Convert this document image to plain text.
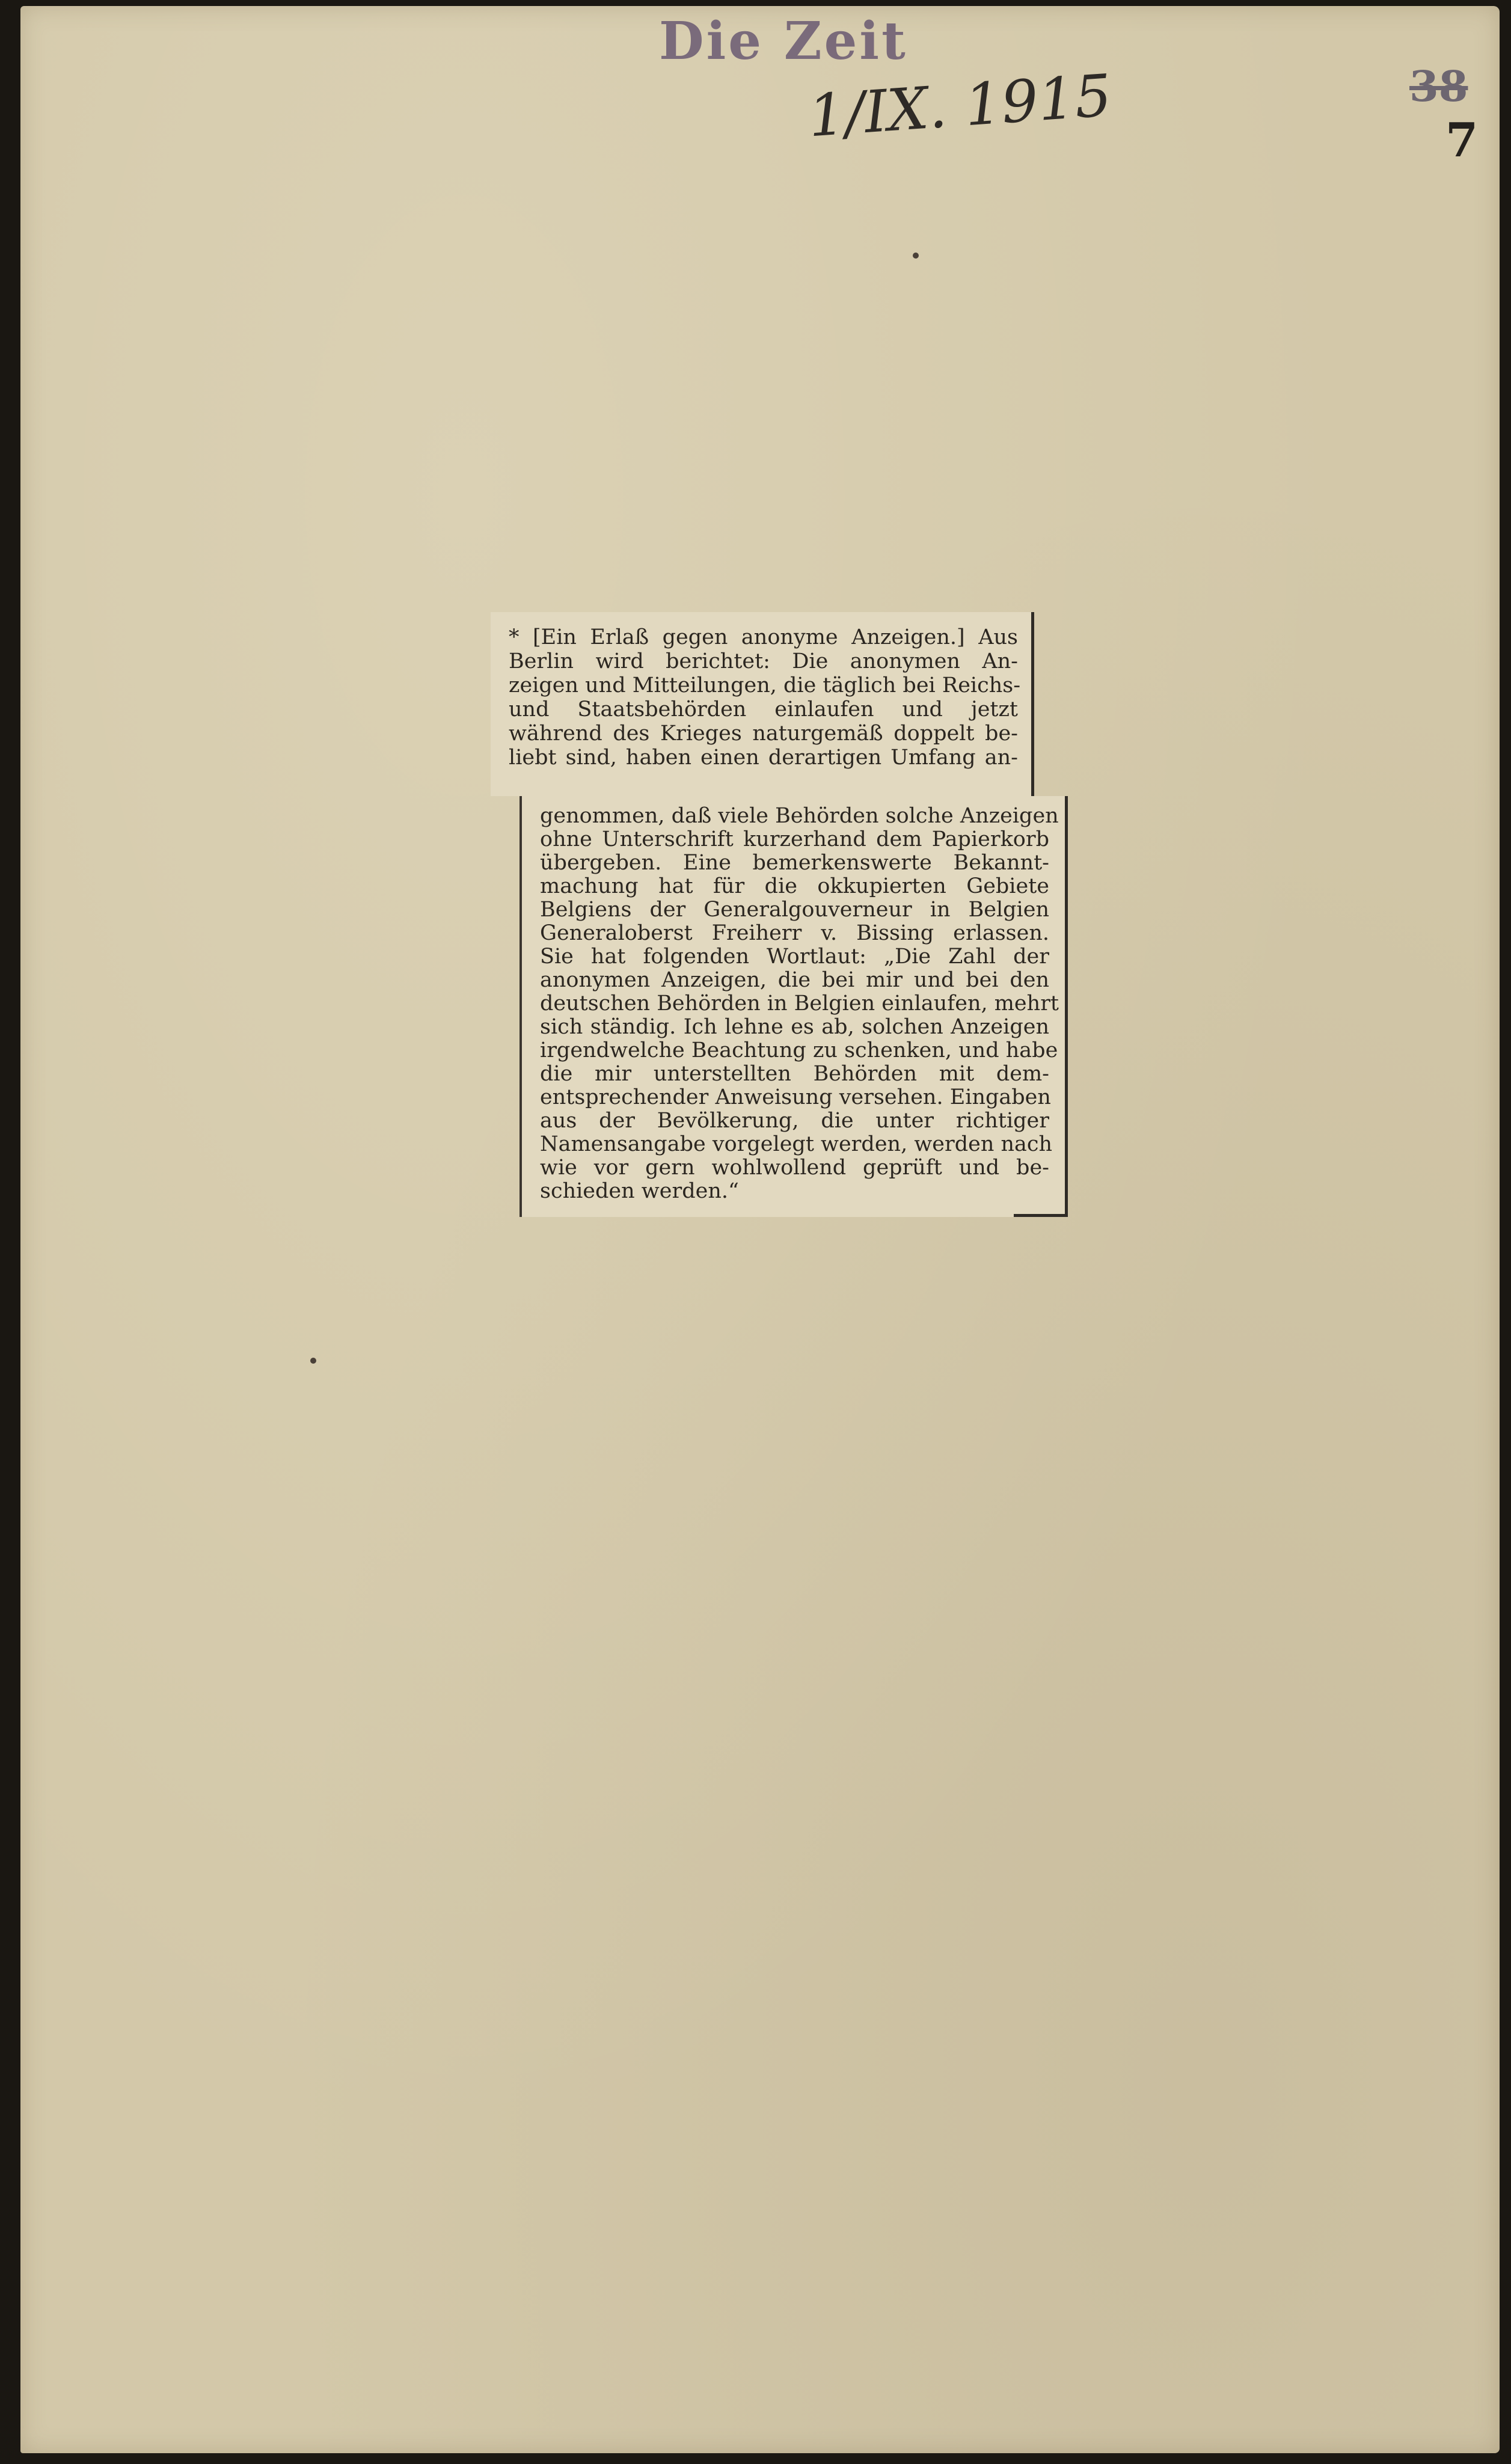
Die Zeit
1/IX. 1915	38
7
* [Ein Erlaß gegen anonyme Anzeigen.] Aus
Berlin wird berichtet: Die anonymen An-
zeigen und Mitteilungen, die täglich bei Reichs-
und Staatsbehörden einlaufen und jetzt
während des Krieges naturgemäß doppelt be-
liebt sind, haben einen derartigen Umfang an-
genommen, daß viele Behörden solche Anzeigen
ohne Unterschrift kurzerhand dem Papierkorb
übergeben. Eine bemerkenswerte Bekannt-
machung hat für die okkupierten Gebiete
Belgiens der Generalgouverneur in Belgien
Generaloberst Freiherr v. Bissing erlassen.
Sie hat folgenden Wortlaut: „Die Zahl der
anonymen Anzeigen, die bei mir und bei den
deutschen Behörden in Belgien einlaufen, mehrt
sich ständig. Ich lehne es ab, solchen Anzeigen
irgendwelche Beachtung zu schenken, und habe
die mir unterstellten Behörden mit dem-
entsprechender Anweisung versehen. Eingaben
aus der Bevölkerung, die unter richtiger
Namensangabe vorgelegt werden, werden nach
wie vor gern wohlwollend geprüft und be-
schieden werden.“
